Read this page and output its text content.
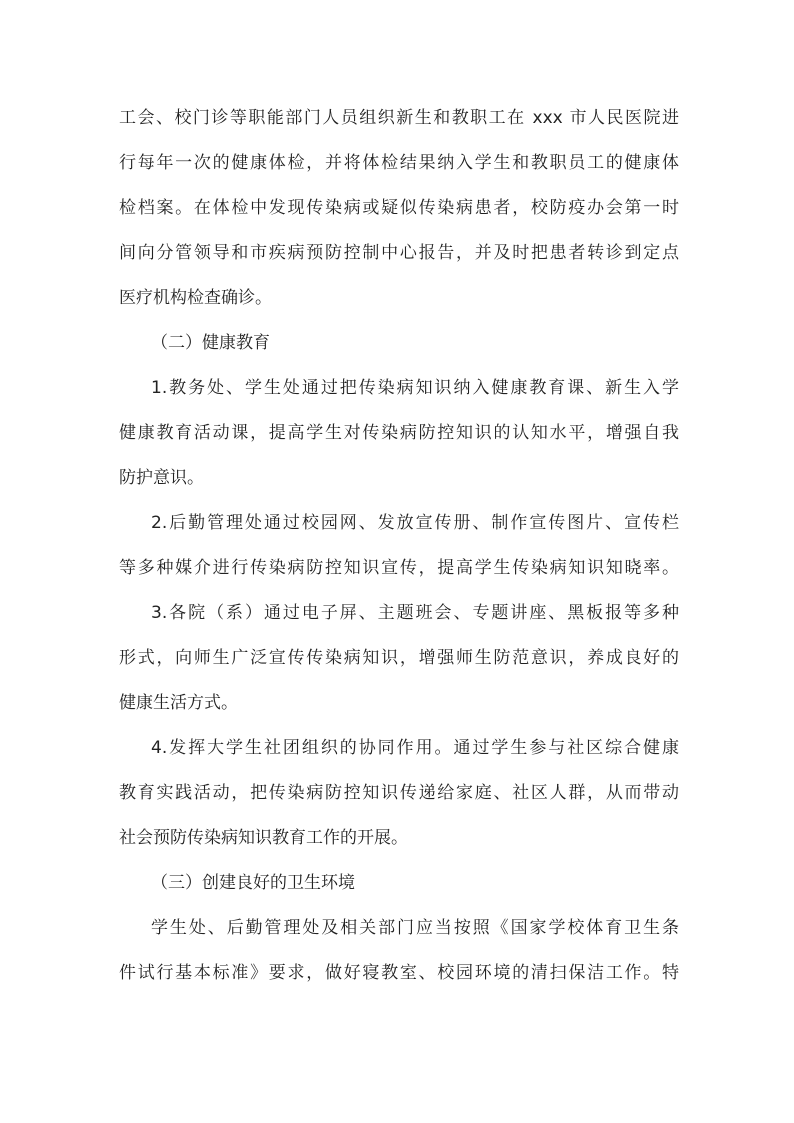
工会、校门诊等职能部门人员组织新生和教职工在 xxx 市人民医院进
行每年一次的健康体检，并将体检结果纳入学生和教职员工的健康体
检档案。在体检中发现传染病或疑似传染病患者，校防疫办会第一时
间向分管领导和市疾病预防控制中心报告，并及时把患者转诊到定点
医疗机构检查确诊。
（二）健康教育
1.教务处、学生处通过把传染病知识纳入健康教育课、新生入学
健康教育活动课，提高学生对传染病防控知识的认知水平，增强自我
防护意识。
2.后勤管理处通过校园网、发放宣传册、制作宣传图片、宣传栏
等多种媒介进行传染病防控知识宣传，提高学生传染病知识知晓率。
3.各院（系）通过电子屏、主题班会、专题讲座、黑板报等多种
形式，向师生广泛宣传传染病知识，增强师生防范意识，养成良好的
健康生活方式。
4.发挥大学生社团组织的协同作用。通过学生参与社区综合健康
教育实践活动，把传染病防控知识传递给家庭、社区人群，从而带动
社会预防传染病知识教育工作的开展。
（三）创建良好的卫生环境
学生处、后勤管理处及相关部门应当按照《国家学校体育卫生条
件试行基本标准》要求，做好寝教室、校园环境的清扫保洁工作。特
